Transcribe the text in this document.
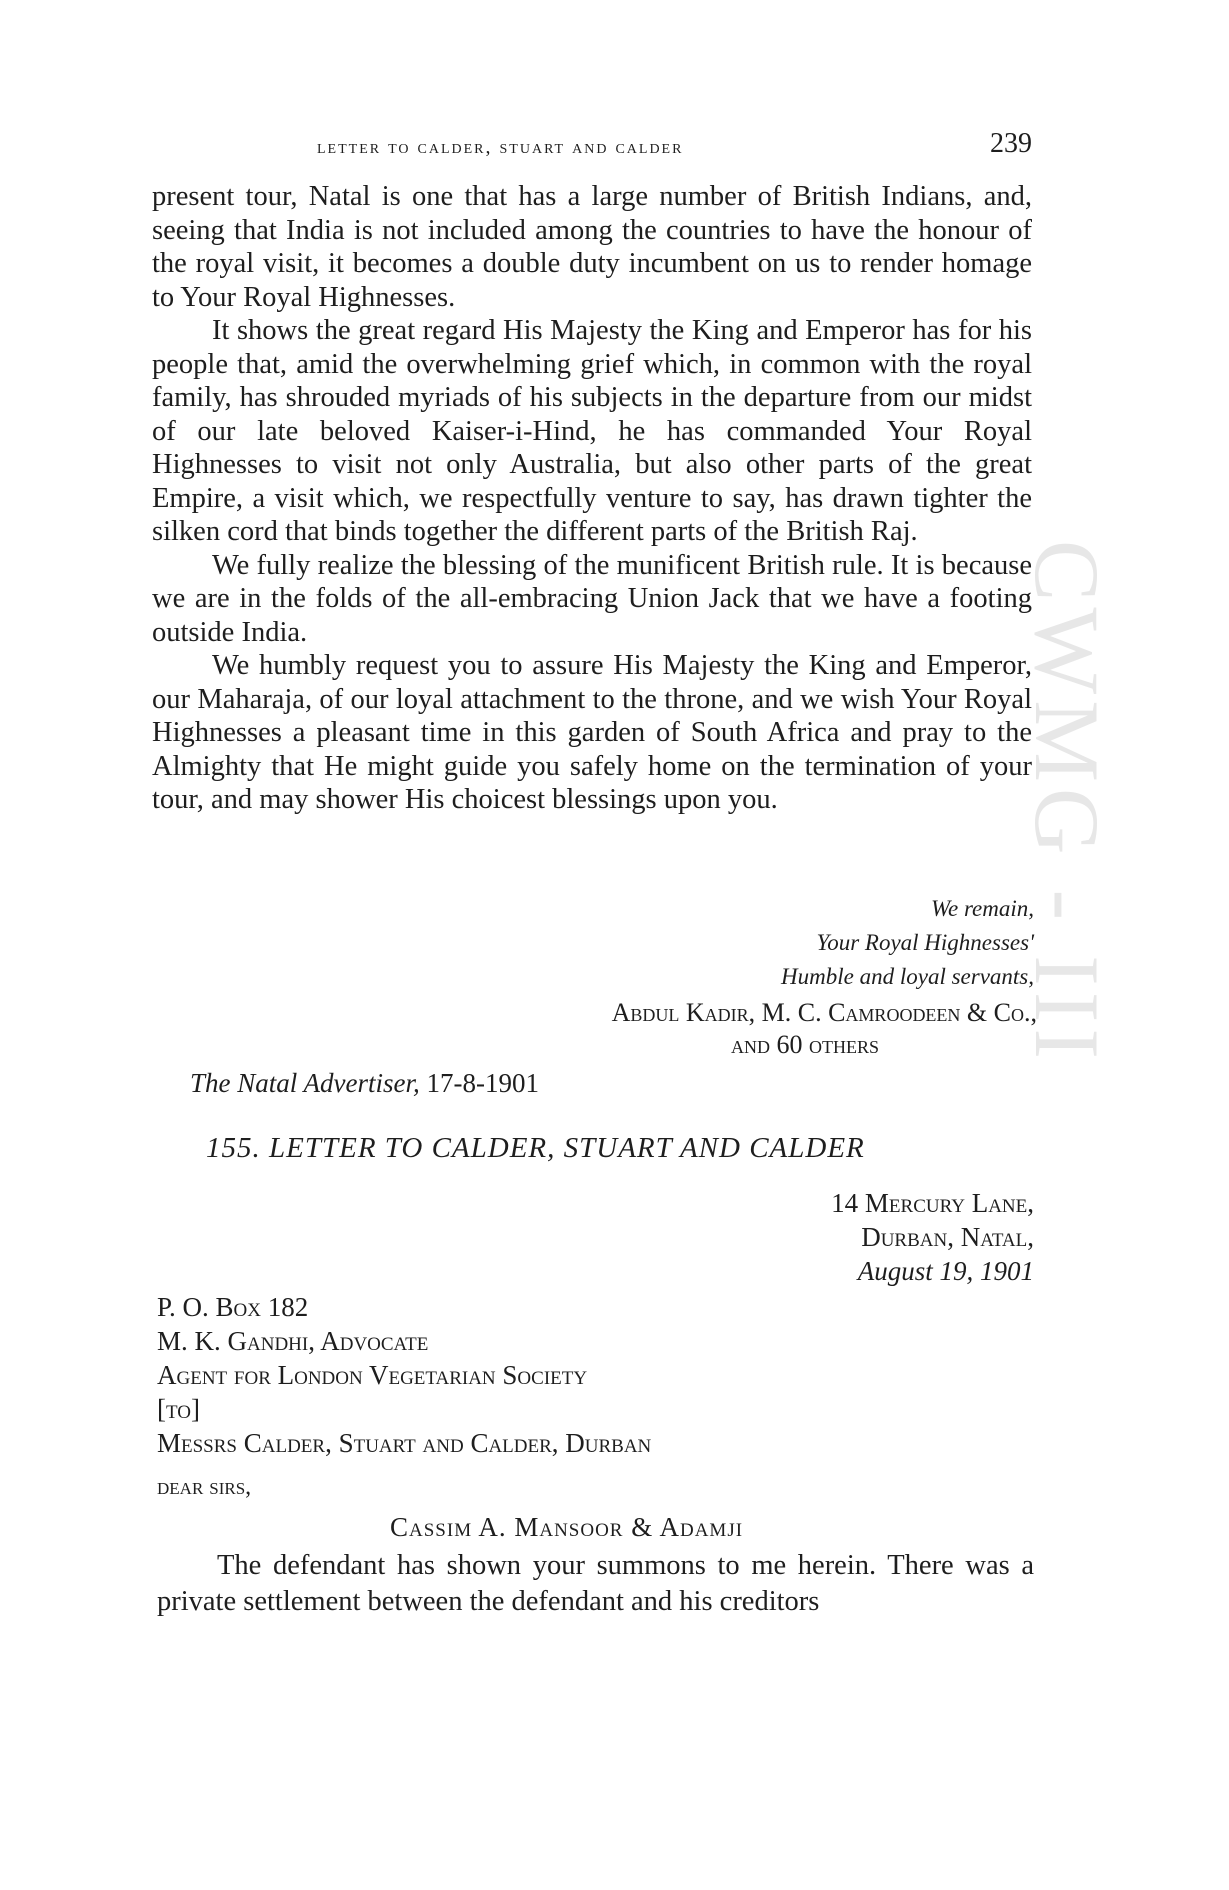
CWMG - III
letter to calder, stuart and calder	239

present tour, Natal is one that has a large number of British Indians, and, seeing that India is not included among the countries to have the honour of the royal visit, it becomes a double duty incumbent on us to render homage to Your Royal Highnesses.

It shows the great regard His Majesty the King and Emperor has for his people that, amid the overwhelming grief which, in common with the royal family, has shrouded myriads of his subjects in the departure from our midst of our late beloved Kaiser-i-Hind, he has commanded Your Royal Highnesses to visit not only Australia, but also other parts of the great Empire, a visit which, we respectfully venture to say, has drawn tighter the silken cord that binds together the different parts of the British Raj.

We fully realize the blessing of the munificent British rule. It is because we are in the folds of the all-embracing Union Jack that we have a footing outside India.

We humbly request you to assure His Majesty the King and Emperor, our Maharaja, of our loyal attachment to the throne, and we wish Your Royal Highnesses a pleasant time in this garden of South Africa and pray to the Almighty that He might guide you safely home on the termination of your tour, and may shower His choicest blessings upon you.

We remain,
Your Royal Highnesses'
Humble and loyal servants,
Abdul Kadir, M. C. Camroodeen & Co.,
and 60 others
The Natal Advertiser, 17-8-1901
155. LETTER TO CALDER, STUART AND CALDER
14 Mercury Lane,
Durban, Natal,
August 19, 1901
P. O. Box 182
M. K. Gandhi, Advocate
Agent for London Vegetarian Society
[to]
Messrs Calder, Stuart and Calder, Durban
dear sirs,
Cassim A. Mansoor & Adamji

The defendant has shown your summons to me herein. There was a private settlement between the defendant and his creditors
